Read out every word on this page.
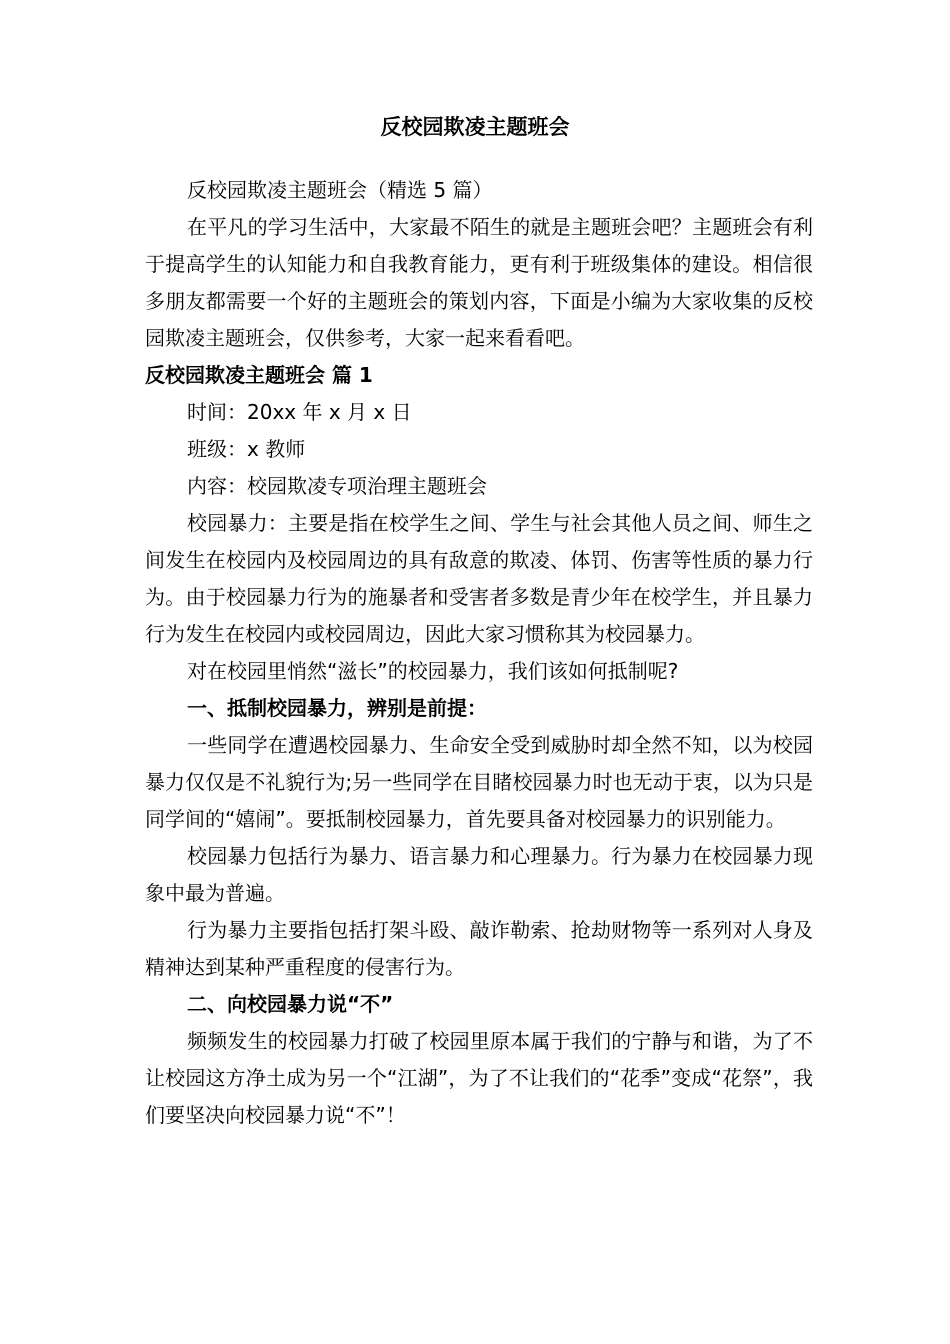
反校园欺凌主题班会

反校园欺凌主题班会（精选 5 篇）

在平凡的学习生活中，大家最不陌生的就是主题班会吧？主题班会有利于提高学生的认知能力和自我教育能力，更有利于班级集体的建设。相信很多朋友都需要一个好的主题班会的策划内容，下面是小编为大家收集的反校园欺凌主题班会，仅供参考，大家一起来看看吧。

反校园欺凌主题班会 篇 1

时间：20xx 年 x 月 x 日

班级：x 教师

内容：校园欺凌专项治理主题班会

校园暴力：主要是指在校学生之间、学生与社会其他人员之间、师生之间发生在校园内及校园周边的具有敌意的欺凌、体罚、伤害等性质的暴力行为。由于校园暴力行为的施暴者和受害者多数是青少年在校学生，并且暴力行为发生在校园内或校园周边，因此大家习惯称其为校园暴力。

对在校园里悄然“滋长”的校园暴力，我们该如何抵制呢?

一、抵制校园暴力，辨别是前提：

一些同学在遭遇校园暴力、生命安全受到威胁时却全然不知，以为校园暴力仅仅是不礼貌行为;另一些同学在目睹校园暴力时也无动于衷，以为只是同学间的“嬉闹”。要抵制校园暴力，首先要具备对校园暴力的识别能力。

校园暴力包括行为暴力、语言暴力和心理暴力。行为暴力在校园暴力现象中最为普遍。

行为暴力主要指包括打架斗殴、敲诈勒索、抢劫财物等一系列对人身及精神达到某种严重程度的侵害行为。

二、向校园暴力说“不”

频频发生的校园暴力打破了校园里原本属于我们的宁静与和谐，为了不让校园这方净土成为另一个“江湖”，为了不让我们的“花季”变成“花祭”，我们要坚决向校园暴力说“不”！
